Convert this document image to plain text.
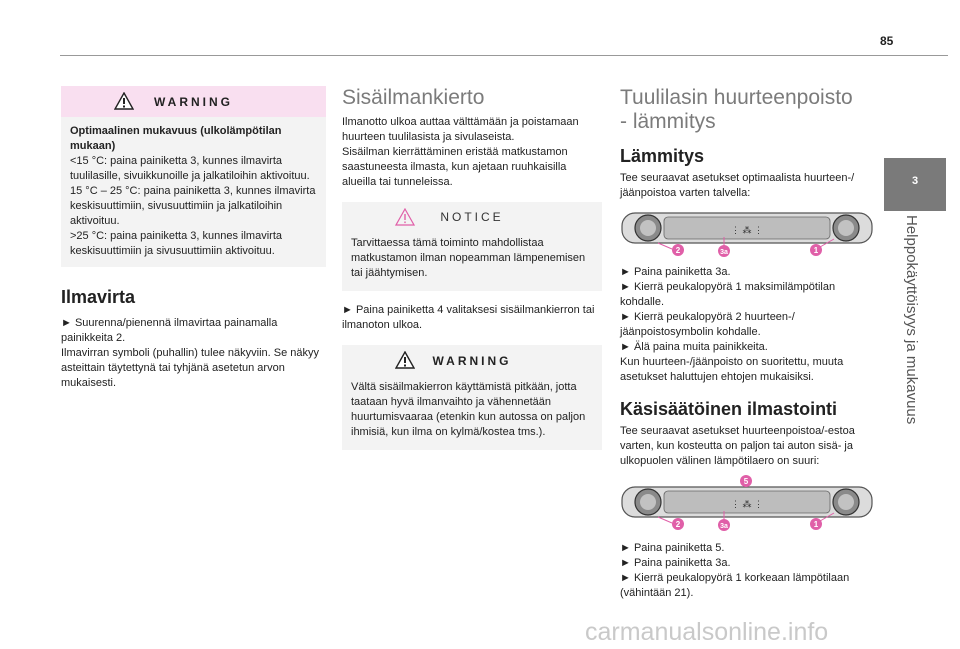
85
3
Helppokäyttöisyys ja mukavuus
WARNING

Optimaalinen mukavuus (ulkolämpötilan mukaan)

<15 °C: paina painiketta 3, kunnes ilmavirta tuulilasille, sivuikkunoille ja jalkatiloihin aktivoituu.

15 °C – 25 °C: paina painiketta 3, kunnes ilmavirta keskisuuttimiin, sivusuuttimiin ja jalkatiloihin aktivoituu.

>25 °C: paina painiketta 3, kunnes ilmavirta keskisuuttimiin ja sivusuuttimiin aktivoituu.

Ilmavirta

► Suurenna/pienennä ilmavirtaa painamalla painikkeita 2.

Ilmavirran symboli (puhallin) tulee näkyviin. Se näkyy asteittain täytettynä tai tyhjänä asetetun arvon mukaisesti.

Sisäilmankierto

Ilmanotto ulkoa auttaa välttämään ja poistamaan huurteen tuulilasista ja sivulaseista.

Sisäilman kierrättäminen eristää matkustamon saastuneesta ilmasta, kun ajetaan ruuhkaisilla alueilla tai tunneleissa.

NOTICE

Tarvittaessa tämä toiminto mahdollistaa matkustamon ilman nopeamman lämpenemisen tai jäähtymisen.

► Paina painiketta 4 valitaksesi sisäilmankierron tai ilmanoton ulkoa.

WARNING

Vältä sisäilmakierron käyttämistä pitkään, jotta taataan hyvä ilmanvaihto ja vähennetään huurtumisvaaraa (etenkin kun autossa on paljon ihmisiä, kun ilma on kylmä/kostea tms.).

Tuulilasin huurteenpoisto
- lämmitys
Lämmitys

Tee seuraavat asetukset optimaalista huurteen-/ jäänpoistoa varten talvella:

⋮ ⁂ ⋮
2	3a	1

► Paina painiketta 3a.

► Kierrä peukalopyörä 1 maksimilämpötilan kohdalle.

► Kierrä peukalopyörä 2 huurteen-/ jäänpoistosymbolin kohdalle.

► Älä paina muita painikkeita.

Kun huurteen-/jäänpoisto on suoritettu, muuta asetukset haluttujen ehtojen mukaisiksi.

Käsisäätöinen ilmastointi

Tee seuraavat asetukset huurteenpoistoa/-estoa varten, kun kosteutta on paljon tai auton sisä- ja ulkopuolen välinen lämpötilaero on suuri:

⋮ ⁂ ⋮
5
2	3a	1

► Paina painiketta 5.

► Paina painiketta 3a.

► Kierrä peukalopyörä 1 korkeaan lämpötilaan (vähintään 21).

carmanualsonline.info
